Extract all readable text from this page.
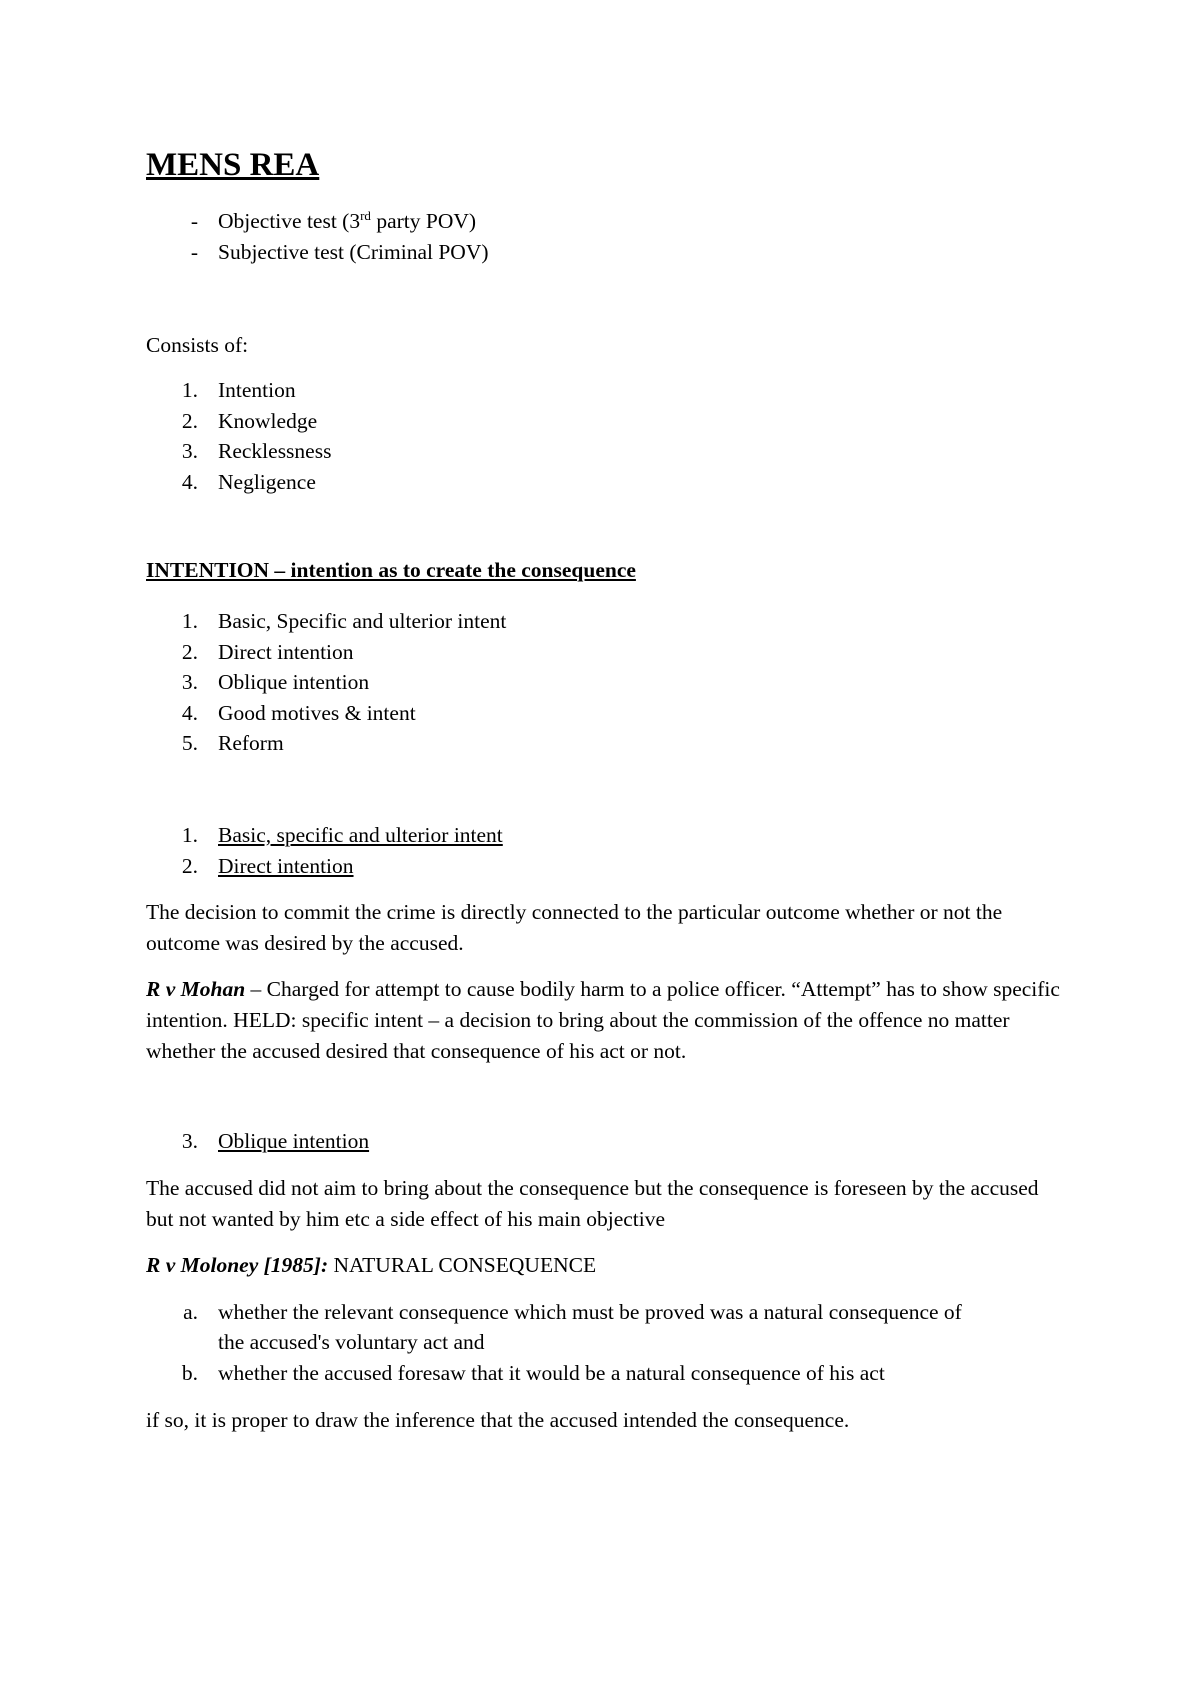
MENS REA
- Objective test (3rd party POV)
- Subjective test (Criminal POV)
Consists of:
1. Intention
2. Knowledge
3. Recklessness
4. Negligence
INTENTION – intention as to create the consequence
1. Basic, Specific and ulterior intent
2. Direct intention
3. Oblique intention
4. Good motives & intent
5. Reform
1. Basic, specific and ulterior intent
2. Direct intention

The decision to commit the crime is directly connected to the particular outcome whether or not the outcome was desired by the accused.

R v Mohan – Charged for attempt to cause bodily harm to a police officer. “Attempt” has to show specific intention. HELD: specific intent – a decision to bring about the commission of the offence no matter whether the accused desired that consequence of his act or not.

3. Oblique intention

The accused did not aim to bring about the consequence but the consequence is foreseen by the accused but not wanted by him etc a side effect of his main objective

R v Moloney [1985]: NATURAL CONSEQUENCE

a. whether the relevant consequence which must be proved was a natural consequence of
the accused's voluntary act and
b. whether the accused foresaw that it would be a natural consequence of his act

if so, it is proper to draw the inference that the accused intended the consequence.
